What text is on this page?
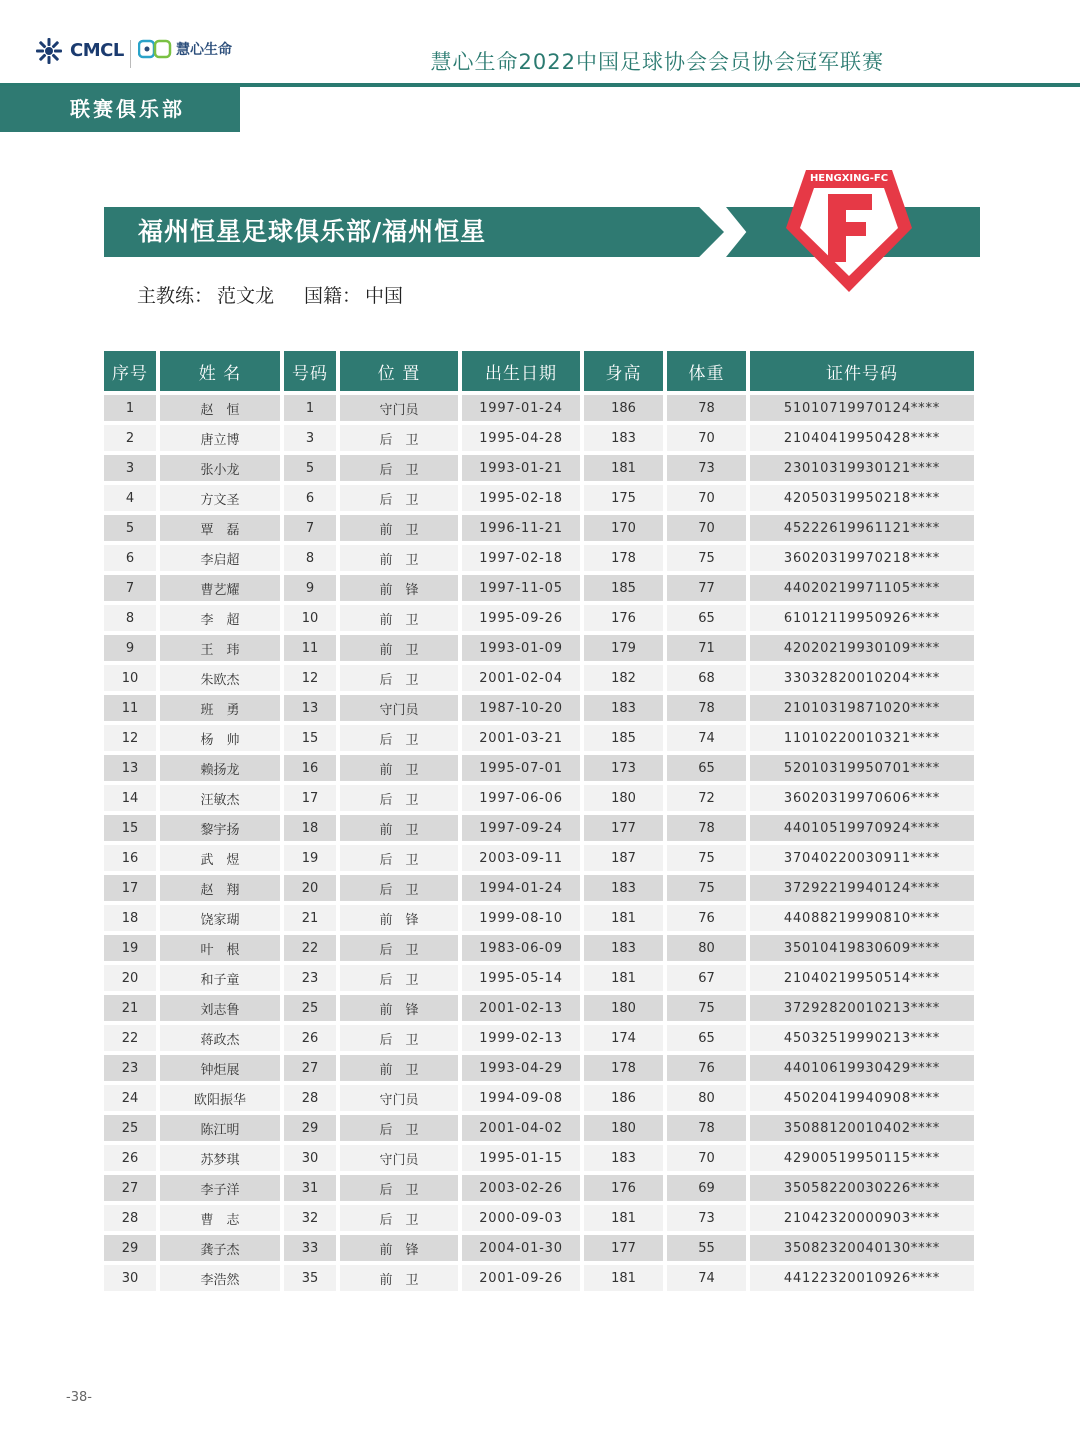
CMCL	慧心生命	慧心生命2022中国足球协会会员协会冠军联赛
联赛俱乐部
福州恒星足球俱乐部/福州恒星
HENGXING-FC
主教练： 范文龙 国籍： 中国
序号	姓 名	号码	位 置	出生日期	身高	体重	证件号码
1	赵　恒	1	守门员	1997-01-24	186	78	51010719970124****
2	唐立博	3	后　卫	1995-04-28	183	70	21040419950428****
3	张小龙	5	后　卫	1993-01-21	181	73	23010319930121****
4	方文圣	6	后　卫	1995-02-18	175	70	42050319950218****
5	覃　磊	7	前　卫	1996-11-21	170	70	45222619961121****
6	李启超	8	前　卫	1997-02-18	178	75	36020319970218****
7	曹艺耀	9	前　锋	1997-11-05	185	77	44020219971105****
8	李　超	10	前　卫	1995-09-26	176	65	61012119950926****
9	王　玮	11	前　卫	1993-01-09	179	71	42020219930109****
10	朱欧杰	12	后　卫	2001-02-04	182	68	33032820010204****
11	班　勇	13	守门员	1987-10-20	183	78	21010319871020****
12	杨　帅	15	后　卫	2001-03-21	185	74	11010220010321****
13	赖扬龙	16	前　卫	1995-07-01	173	65	52010319950701****
14	汪敏杰	17	后　卫	1997-06-06	180	72	36020319970606****
15	黎宇扬	18	前　卫	1997-09-24	177	78	44010519970924****
16	武　煜	19	后　卫	2003-09-11	187	75	37040220030911****
17	赵　翔	20	后　卫	1994-01-24	183	75	37292219940124****
18	饶家瑚	21	前　锋	1999-08-10	181	76	44088219990810****
19	叶　根	22	后　卫	1983-06-09	183	80	35010419830609****
20	和子童	23	后　卫	1995-05-14	181	67	21040219950514****
21	刘志鲁	25	前　锋	2001-02-13	180	75	37292820010213****
22	蒋政杰	26	后　卫	1999-02-13	174	65	45032519990213****
23	钟炬展	27	前　卫	1993-04-29	178	76	44010619930429****
24	欧阳振华	28	守门员	1994-09-08	186	80	45020419940908****
25	陈江明	29	后　卫	2001-04-02	180	78	35088120010402****
26	苏梦琪	30	守门员	1995-01-15	183	70	42900519950115****
27	李子洋	31	后　卫	2003-02-26	176	69	35058220030226****
28	曹　志	32	后　卫	2000-09-03	181	73	21042320000903****
29	龚子杰	33	前　锋	2004-01-30	177	55	35082320040130****
30	李浩然	35	前　卫	2001-09-26	181	74	44122320010926****
-38-
